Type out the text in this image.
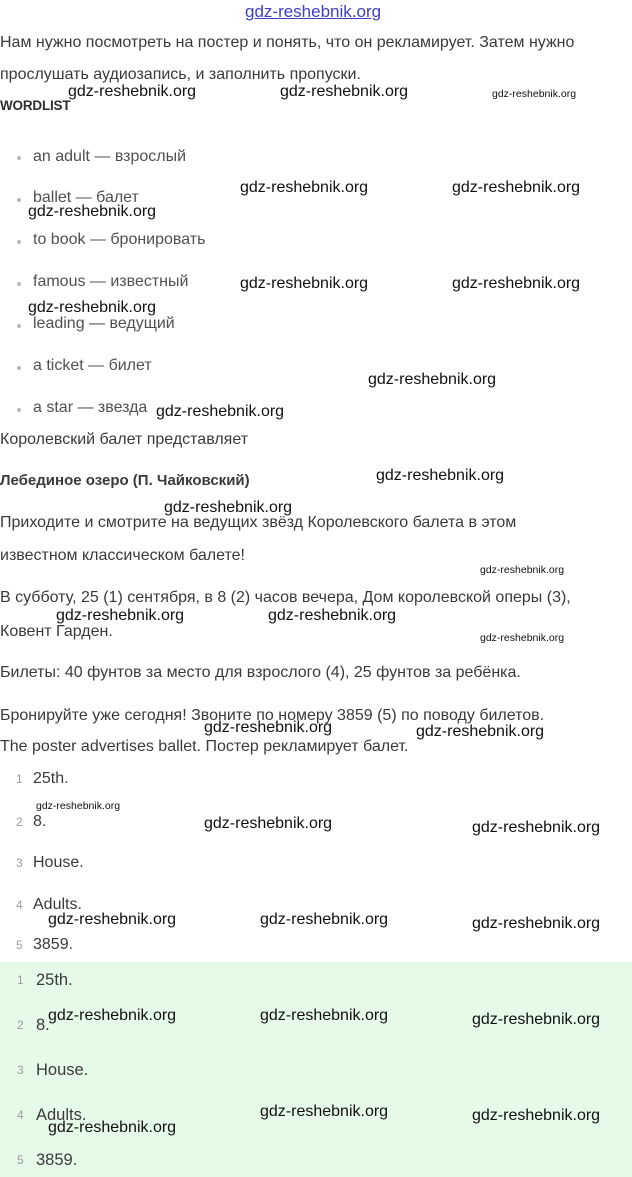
gdz-reshebnik.org
Нам нужно посмотреть на постер и понять, что он рекламирует. Затем нужно
прослушать аудиозапись, и заполнить пропуски.
WORDLIST
an adult — взрослый
ballet — балет
to book — бронировать
famous — известный
leading — ведущий
a ticket — билет
a star — звезда
Королевский балет представляет
Лебединое озеро (П. Чайковский)
Приходите и смотрите на ведущих звёзд Королевского балета в этом
известном классическом балете!
В субботу, 25 (1) сентября, в 8 (2) часов вечера, Дом королевской оперы (3),
Ковент Гарден.
Билеты: 40 фунтов за место для взрослого (4), 25 фунтов за ребёнка.
Бронируйте уже сегодня! Звоните по номеру 3859 (5) по поводу билетов.
The poster advertises ballet. Постер рекламирует балет.
1 25th.
2 8.
3 House.
4 Adults.
5 3859.
1 25th.
2 8.
3 House.
4 Adults.
5 3859.
gdz-reshebnik.org	gdz-reshebnik.org	gdz-reshebnik.org
gdz-reshebnik.org	gdz-reshebnik.org
gdz-reshebnik.org
gdz-reshebnik.org	gdz-reshebnik.org
gdz-reshebnik.org
gdz-reshebnik.org
gdz-reshebnik.org
gdz-reshebnik.org
gdz-reshebnik.org
gdz-reshebnik.org
gdz-reshebnik.org	gdz-reshebnik.org
gdz-reshebnik.org
gdz-reshebnik.org	gdz-reshebnik.org
gdz-reshebnik.org
gdz-reshebnik.org	gdz-reshebnik.org
gdz-reshebnik.org	gdz-reshebnik.org	gdz-reshebnik.org
gdz-reshebnik.org	gdz-reshebnik.org	gdz-reshebnik.org
gdz-reshebnik.org	gdz-reshebnik.org
gdz-reshebnik.org
